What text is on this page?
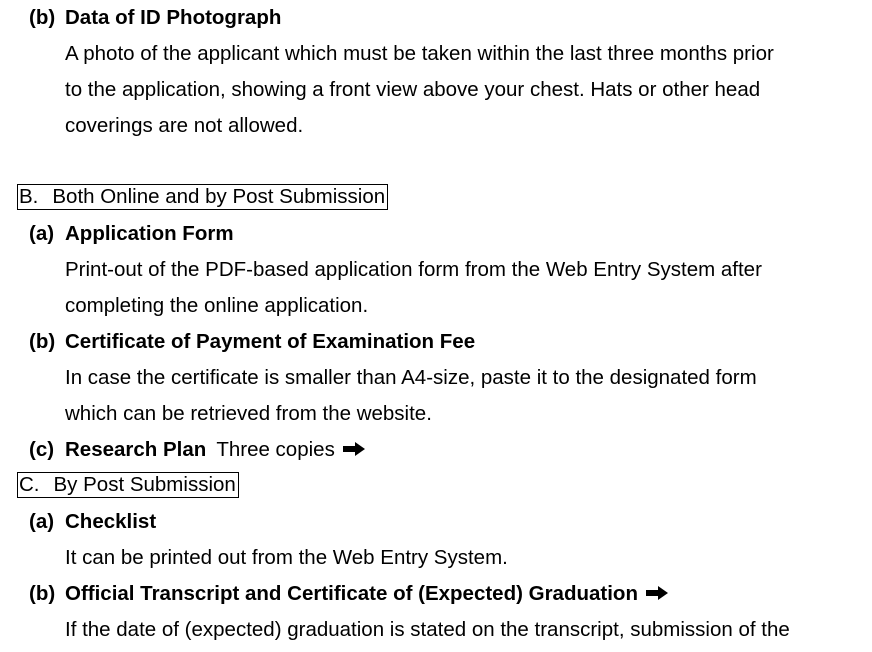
(b) Data of ID Photograph
A photo of the applicant which must be taken within the last three months prior
to the application, showing a front view above your chest. Hats or other head
coverings are not allowed.
B. Both Online and by Post Submission
(a) Application Form
Print-out of the PDF-based application form from the Web Entry System after
completing the online application.
(b) Certificate of Payment of Examination Fee
In case the certificate is smaller than A4-size, paste it to the designated form
which can be retrieved from the website.
(c) Research Plan Three copies
C. By Post Submission
(a) Checklist
It can be printed out from the Web Entry System.
(b) Official Transcript and Certificate of (Expected) Graduation
If the date of (expected) graduation is stated on the transcript, submission of the
